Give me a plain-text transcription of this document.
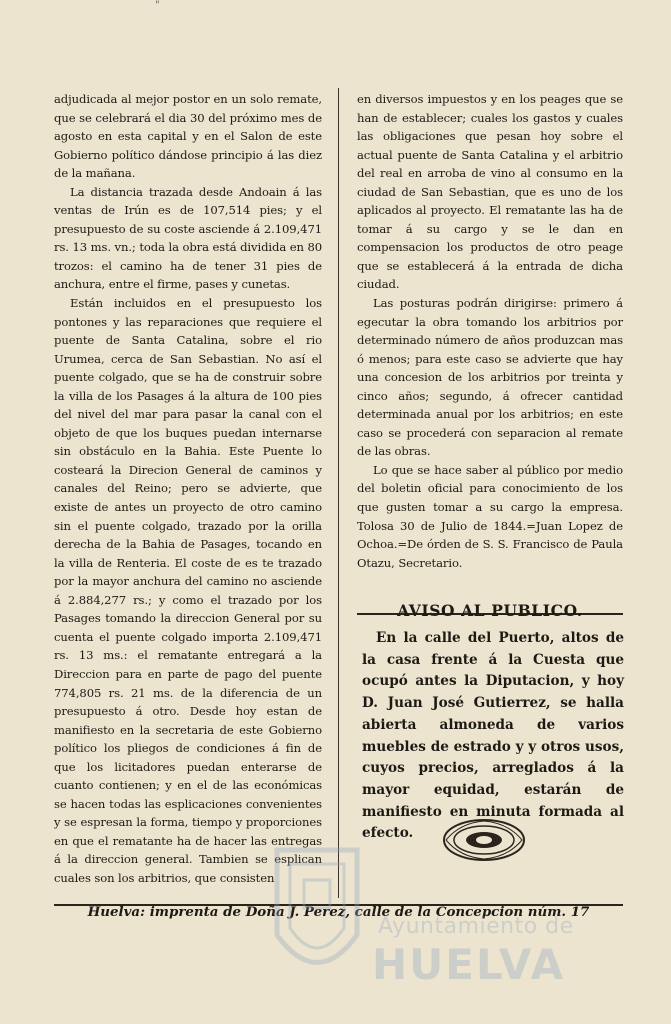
"

adjudicada al mejor postor en un solo remate, que se celebrará el dia 30 del próximo mes de agosto en esta capital y en el Salon de este Gobierno político dándose principio á las diez de la mañana.

La distancia trazada desde Andoain á las ventas de Irún es de 107,514 pies; y el presupuesto de su coste asciende á 2.109,471 rs. 13 ms. vn.; toda la obra está dividida en 80 trozos: el camino ha de tener 31 pies de anchura, entre el firme, pases y cunetas.

Están incluidos en el presupuesto los pontones y las reparaciones que requiere el puente de Santa Catalina, sobre el rio Urumea, cerca de San Sebastian. No así el puente colgado, que se ha de construir sobre la villa de los Pasages á la altura de 100 pies del nivel del mar para pasar la canal con el objeto de que los buques puedan internarse sin obstáculo en la Bahia. Este Puente lo costeará la Direcion General de caminos y canales del Reino; pero se advierte, que existe de antes un proyecto de otro camino sin el puente colgado, trazado por la orilla derecha de la Bahia de Pasages, tocando en la villa de Renteria. El coste de es te trazado por la mayor anchura del camino no asciende á 2.884,277 rs.; y como el trazado por los Pasages tomando la direccion General por su cuenta el puente colgado importa 2.109,471 rs. 13 ms.: el rematante entregará a la Direccion para en parte de pago del puente 774,805 rs. 21 ms. de la diferencia de un presupuesto á otro. Desde hoy estan de manifiesto en la secretaria de este Gobierno político los pliegos de condiciones á fin de que los licitadores puedan enterarse de cuanto contienen; y en el de las económicas se hacen todas las esplicaciones convenientes y se espresan la forma, tiempo y proporciones en que el rematante ha de hacer las entregas á la direccion general. Tambien se esplican cuales son los arbitrios, que consisten

en diversos impuestos y en los peages que se han de establecer; cuales los gastos y cuales las obligaciones que pesan hoy sobre el actual puente de Santa Catalina y el arbitrio del real en arroba de vino al consumo en la ciudad de San Sebastian, que es uno de los aplicados al proyecto. El rematante las ha de tomar á su cargo y se le dan en compensacion los productos de otro peage que se establecerá á la entrada de dicha ciudad.

Las posturas podrán dirigirse: primero á egecutar la obra tomando los arbitrios por determinado número de años produzcan mas ó menos; para este caso se advierte que hay una concesion de los arbitrios por treinta y cinco años; segundo, á ofrecer cantidad determinada anual por los arbitrios; en este caso se procederá con separacion al remate de las obras.

Lo que se hace saber al público por medio del boletin oficial para conocimiento de los que gusten tomar a su cargo la empresa. Tolosa 30 de Julio de 1844.=Juan Lopez de Ochoa.=De órden de S. S. Francisco de Paula Otazu, Secretario.

AVISO AL PUBLICO.

En la calle del Puerto, altos de la casa frente á la Cuesta que ocupó antes la Diputacion, y hoy D. Juan José Gutierrez, se halla abierta almoneda de varios muebles de estrado y y otros usos, cuyos precios, arreglados á la mayor equidad, estarán de manifiesto en minuta formada al efecto.

Huelva: imprenta de Doña J. Perez, calle de la Concepcion núm. 17
Ayuntamiento de
HUELVA
